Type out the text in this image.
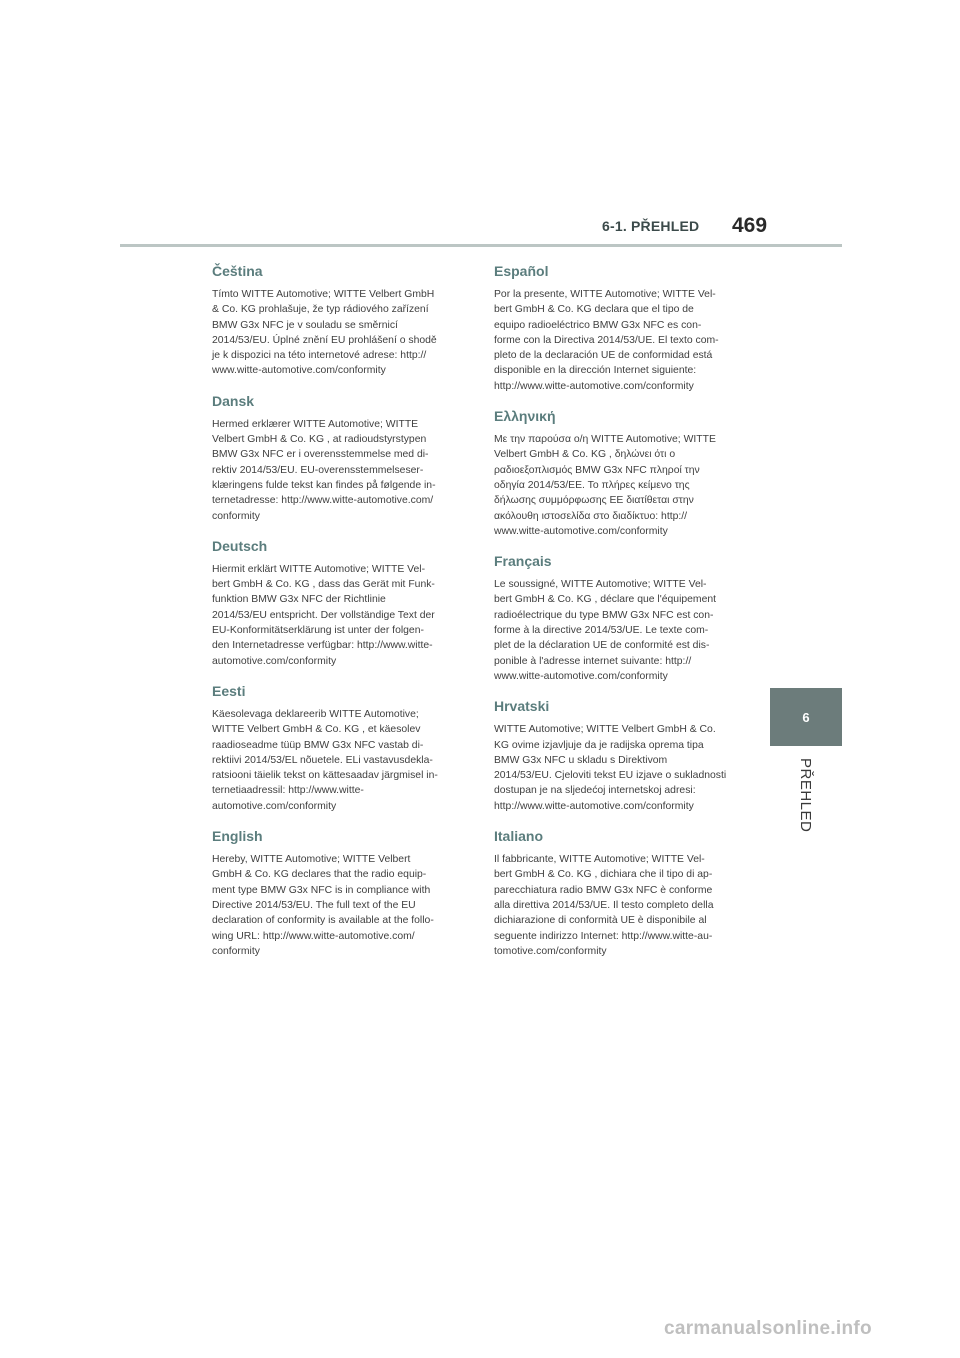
6-1. PŘEHLED 469
Čeština

Tímto WITTE Automotive; WITTE Velbert GmbH
& Co. KG prohlašuje, že typ rádiového zařízení
BMW G3x NFC je v souladu se směrnicí
2014/53/EU. Úplné znění EU prohlášení o shodě
je k dispozici na této internetové adrese: http://
www.witte-automotive.com/conformity

Dansk

Hermed erklærer WITTE Automotive; WITTE
Velbert GmbH & Co. KG , at radioudstyrstypen
BMW G3x NFC er i overensstemmelse med di-
rektiv 2014/53/EU. EU-overensstemmelseser-
klæringens fulde tekst kan findes på følgende in-
ternetadresse: http://www.witte-automotive.com/
conformity

Deutsch

Hiermit erklärt WITTE Automotive; WITTE Vel-
bert GmbH & Co. KG , dass das Gerät mit Funk-
funktion BMW G3x NFC der Richtlinie
2014/53/EU entspricht. Der vollständige Text der
EU-Konformitätserklärung ist unter der folgen-
den Internetadresse verfügbar: http://www.witte-
automotive.com/conformity

Eesti

Käesolevaga deklareerib WITTE Automotive;
WITTE Velbert GmbH & Co. KG , et käesolev
raadioseadme tüüp BMW G3x NFC vastab di-
rektiivi 2014/53/EL nõuetele. ELi vastavusdekla-
ratsiooni täielik tekst on kättesaadav järgmisel in-
ternetiaadressil: http://www.witte-
automotive.com/conformity

English

Hereby, WITTE Automotive; WITTE Velbert
GmbH & Co. KG declares that the radio equip-
ment type BMW G3x NFC is in compliance with
Directive 2014/53/EU. The full text of the EU
declaration of conformity is available at the follo-
wing URL: http://www.witte-automotive.com/
conformity

Español

Por la presente, WITTE Automotive; WITTE Vel-
bert GmbH & Co. KG declara que el tipo de
equipo radioeléctrico BMW G3x NFC es con-
forme con la Directiva 2014/53/UE. El texto com-
pleto de la declaración UE de conformidad está
disponible en la dirección Internet siguiente:
http://www.witte-automotive.com/conformity

Ελληνική

Με την παρούσα ο/η WITTE Automotive; WITTE
Velbert GmbH & Co. KG , δηλώνει ότι ο
ραδιοεξοπλισμός BMW G3x NFC πληροί την
οδηγία 2014/53/ΕΕ. Το πλήρες κείμενο της
δήλωσης συμμόρφωσης ΕΕ διατίθεται στην
ακόλουθη ιστοσελίδα στο διαδίκτυο: http://
www.witte-automotive.com/conformity

Français

Le soussigné, WITTE Automotive; WITTE Vel-
bert GmbH & Co. KG , déclare que l'équipement
radioélectrique du type BMW G3x NFC est con-
forme à la directive 2014/53/UE. Le texte com-
plet de la déclaration UE de conformité est dis-
ponible à l'adresse internet suivante: http://
www.witte-automotive.com/conformity

Hrvatski

WITTE Automotive; WITTE Velbert GmbH & Co.
KG ovime izjavljuje da je radijska oprema tipa
BMW G3x NFC u skladu s Direktivom
2014/53/EU. Cjeloviti tekst EU izjave o sukladnosti
dostupan je na sljedećoj internetskoj adresi:
http://www.witte-automotive.com/conformity

Italiano

Il fabbricante, WITTE Automotive; WITTE Vel-
bert GmbH & Co. KG , dichiara che il tipo di ap-
parecchiatura radio BMW G3x NFC è conforme
alla direttiva 2014/53/UE. Il testo completo della
dichiarazione di conformità UE è disponibile al
seguente indirizzo Internet: http://www.witte-au-
tomotive.com/conformity

6
PŘEHLED
carmanualsonline.info
